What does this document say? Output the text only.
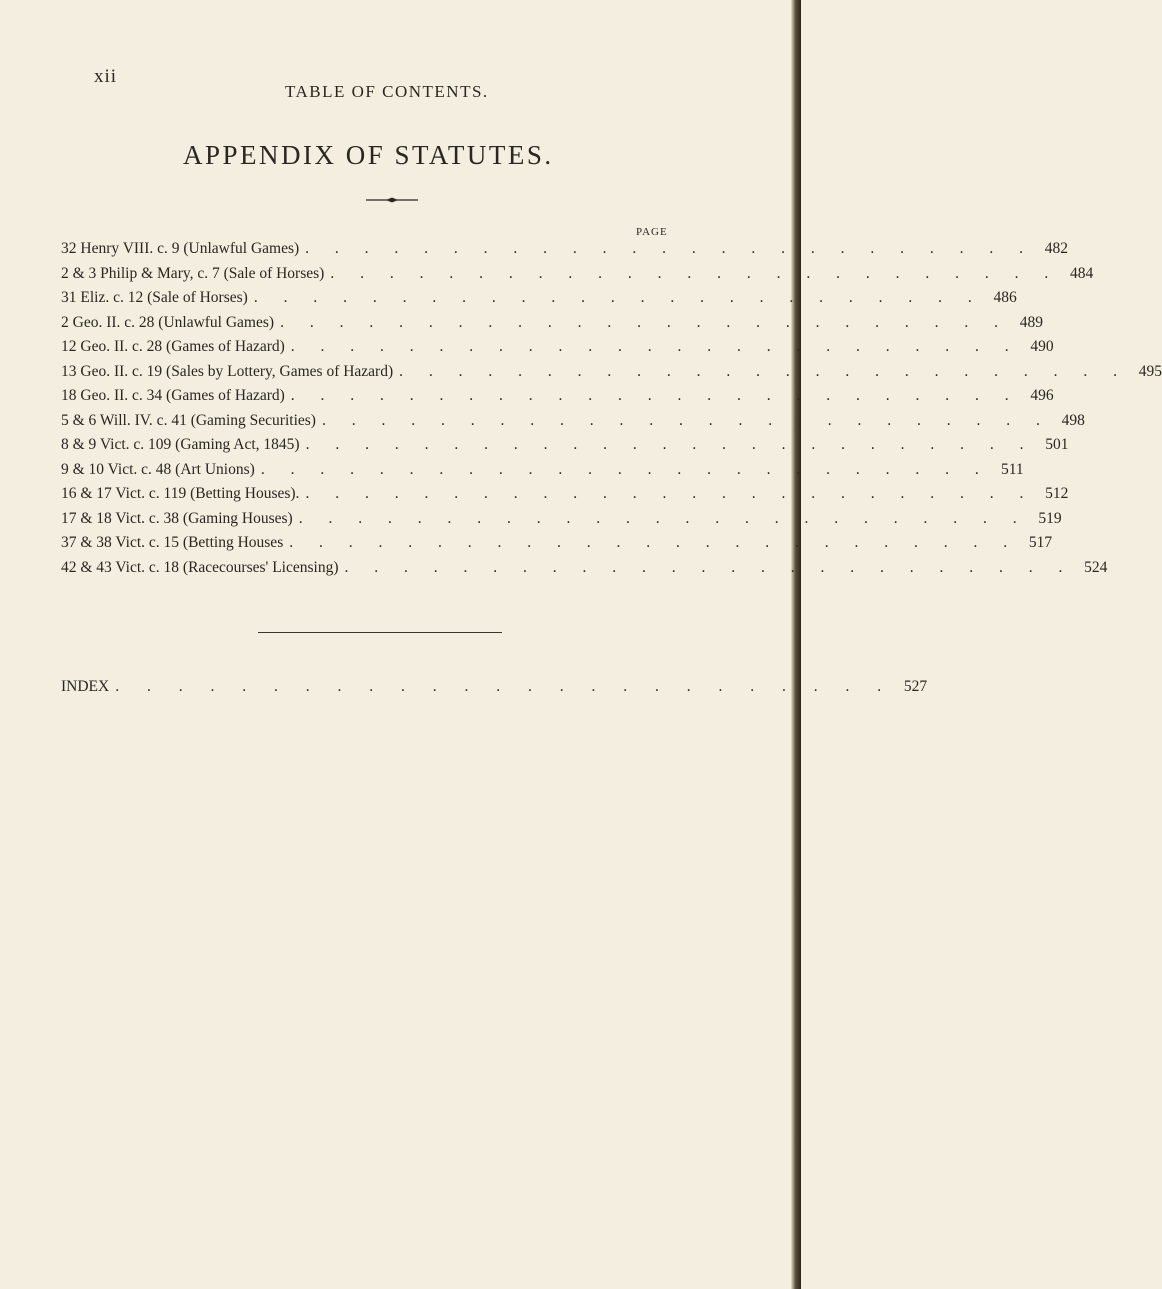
xii
TABLE OF CONTENTS.
APPENDIX OF STATUTES.
PAGE
32 Henry VIII. c. 9 (Unlawful Games) . . . . . . . . . . . . . . . . . . . . . . . . . 482
2 & 3 Philip & Mary, c. 7 (Sale of Horses) . . . . . . . . . . . . . . . . . . . . . . . . . 484
31 Eliz. c. 12 (Sale of Horses) . . . . . . . . . . . . . . . . . . . . . . . . . 486
2 Geo. II. c. 28 (Unlawful Games) . . . . . . . . . . . . . . . . . . . . . . . . . 489
12 Geo. II. c. 28 (Games of Hazard) . . . . . . . . . . . . . . . . . . . . . . . . . 490
13 Geo. II. c. 19 (Sales by Lottery, Games of Hazard) . . . . . . . . . . . . . . . . . . . . . . . . . 495
18 Geo. II. c. 34 (Games of Hazard) . . . . . . . . . . . . . . . . . . . . . . . . . 496
5 & 6 Will. IV. c. 41 (Gaming Securities) . . . . . . . . . . . . . . . . . . . . . . . . . 498
8 & 9 Vict. c. 109 (Gaming Act, 1845) . . . . . . . . . . . . . . . . . . . . . . . . . 501
9 & 10 Vict. c. 48 (Art Unions) . . . . . . . . . . . . . . . . . . . . . . . . . 511
16 & 17 Vict. c. 119 (Betting Houses). . . . . . . . . . . . . . . . . . . . . . . . . . 512
17 & 18 Vict. c. 38 (Gaming Houses) . . . . . . . . . . . . . . . . . . . . . . . . . 519
37 & 38 Vict. c. 15 (Betting Houses . . . . . . . . . . . . . . . . . . . . . . . . . 517
42 & 43 Vict. c. 18 (Racecourses' Licensing) . . . . . . . . . . . . . . . . . . . . . . . . . 524
INDEX . . . . . . . . . . . . . . . . . . . . . . . . . 527
